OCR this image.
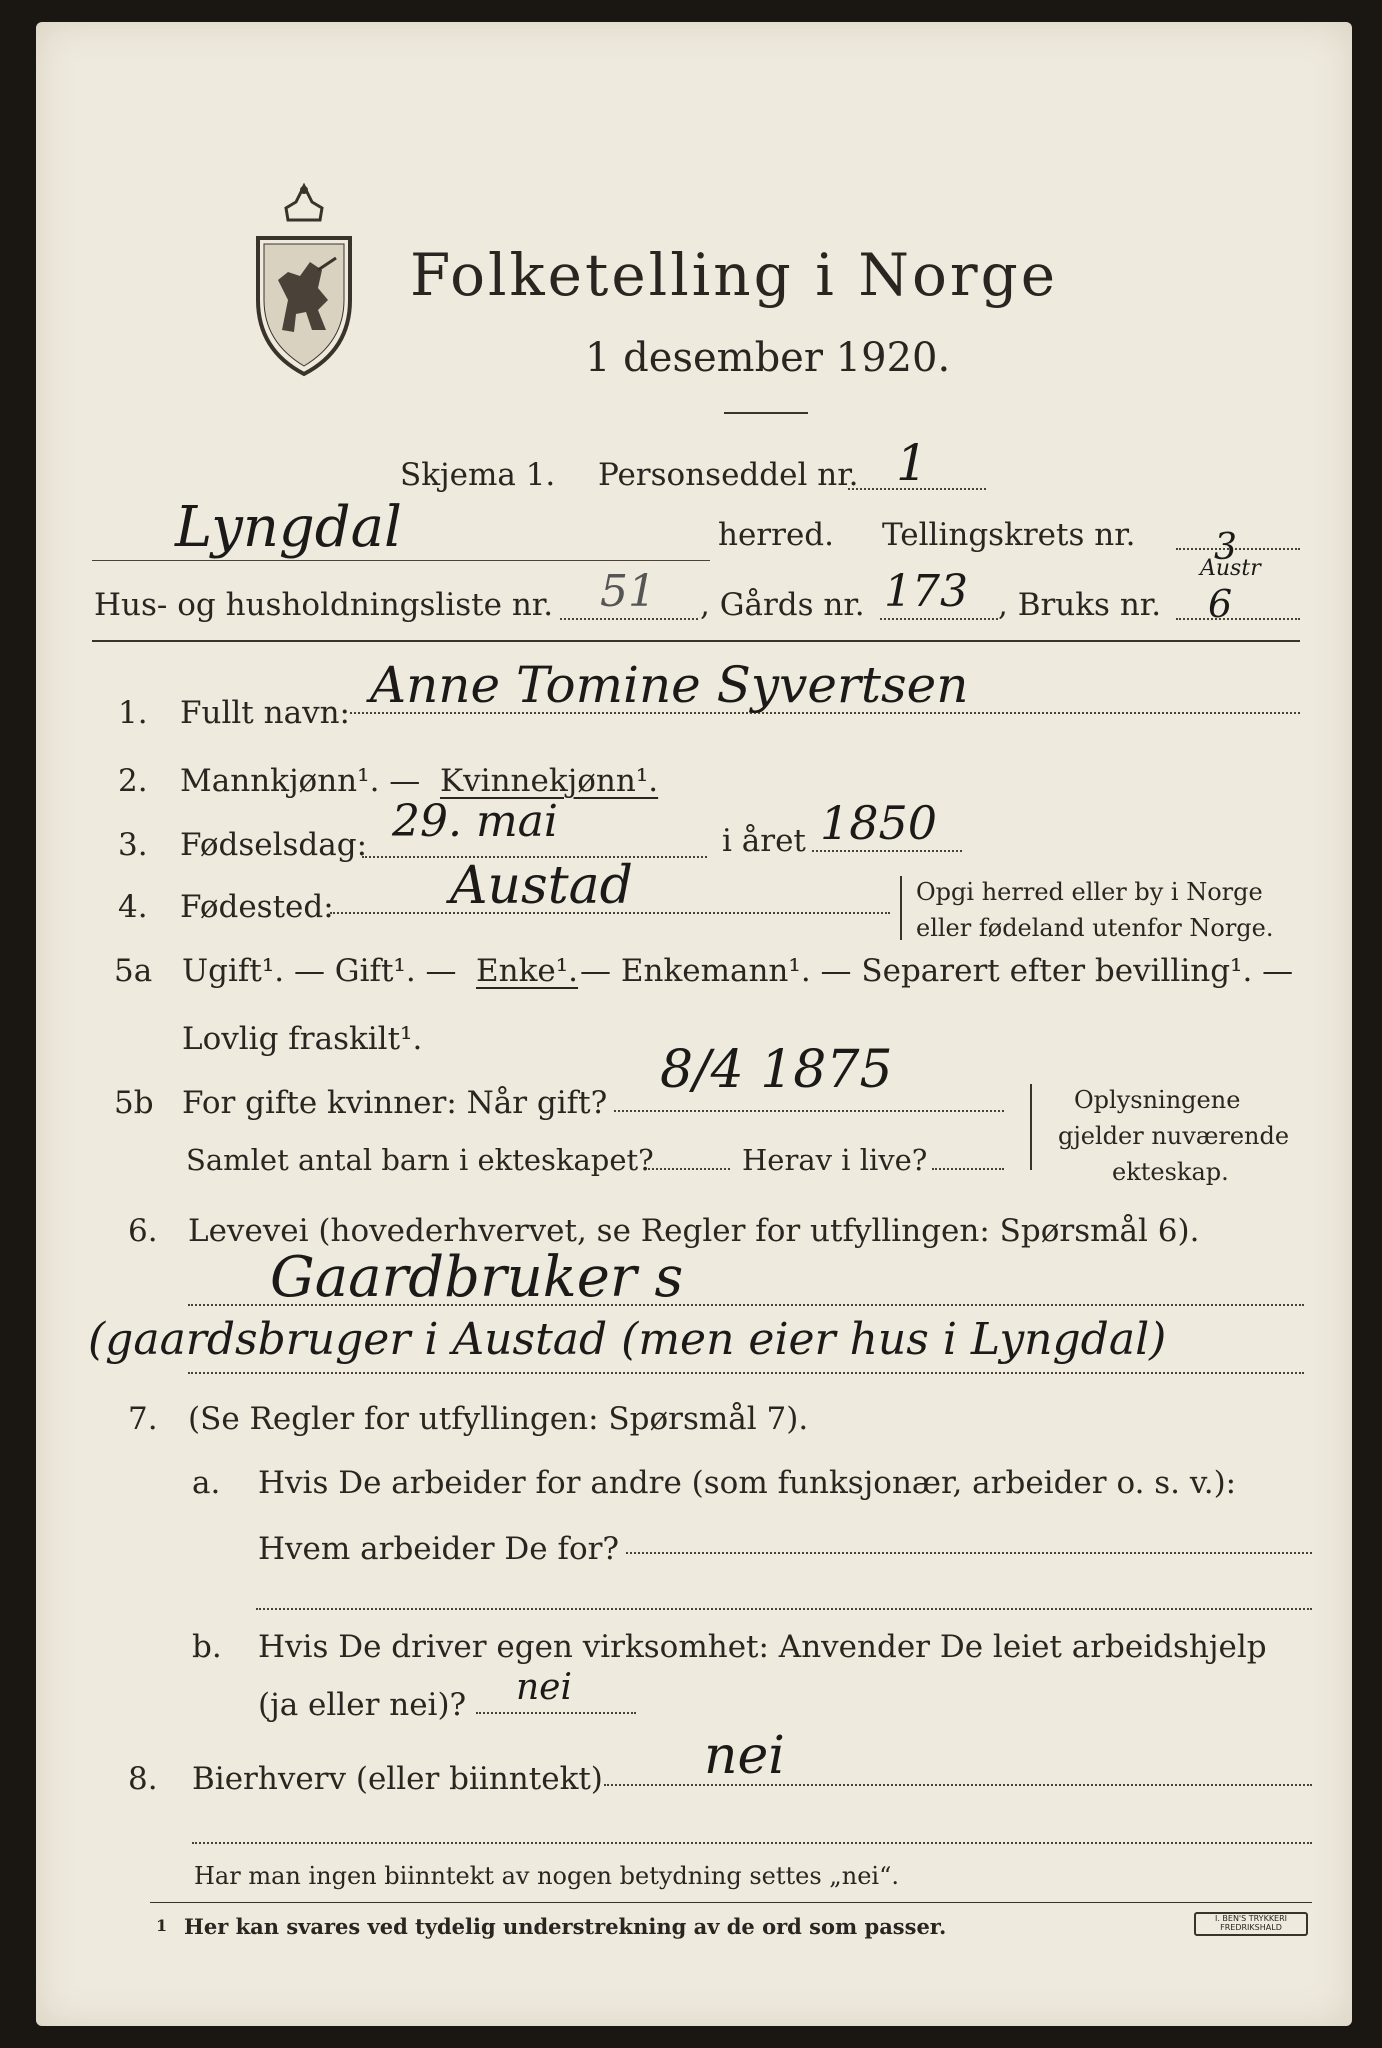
Folketelling i Norge
1 desember 1920.
Skjema 1. Personseddel nr. 1
Lyngdal	herred. Tellingskrets nr. 3
Austr
Hus- og husholdningsliste nr. 51 , Gårds nr. 173 , Bruks nr. 6
1. Fullt navn: Anne Tomine Syvertsen
2. Mannkjønn¹. — Kvinnekjønn¹.
3. Fødselsdag: 29. mai	i året 1850
4. Fødested: Austad	Opgi herred eller by i Norge
eller fødeland utenfor Norge.
5a Ugift¹. — Gift¹. — Enke¹. — Enkemann¹. — Separert efter bevilling¹. —
Lovlig fraskilt¹.
5b For gifte kvinner: Når gift?
8/4 1875
Samlet antal barn i ekteskapet?	Herav i live?
Oplysningene
gjelder nuværende
ekteskap.
6. Levevei (hovederhvervet, se Regler for utfyllingen: Spørsmål 6).
Gaardbruker s
(gaardsbruger i Austad (men eier hus i Lyngdal)
7. (Se Regler for utfyllingen: Spørsmål 7).
a. Hvis De arbeider for andre (som funksjonær, arbeider o. s. v.):
Hvem arbeider De for?
b. Hvis De driver egen virksomhet: Anvender De leiet arbeidshjelp
(ja eller nei)? nei
8. Bierhverv (eller biinntekt) nei
Har man ingen biinntekt av nogen betydning settes „nei“.
1 Her kan svares ved tydelig understrekning av de ord som passer.	I. BEN'S TRYKKERI FREDRIKSHALD
